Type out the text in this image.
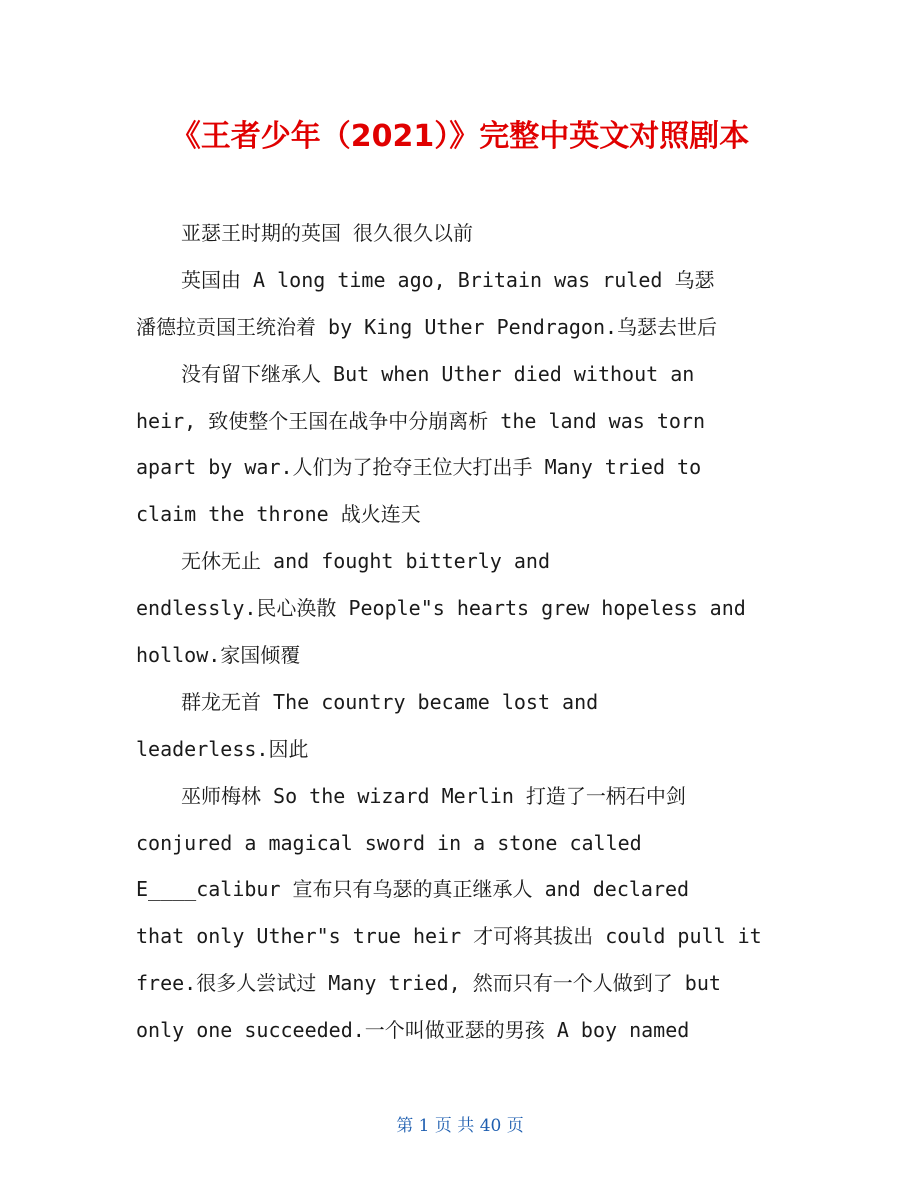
《王者少年（2021）》完整中英文对照剧本
亚瑟王时期的英国 很久很久以前
英国由 A long time ago, Britain was ruled 乌瑟
潘德拉贡国王统治着 by King Uther Pendragon.乌瑟去世后
没有留下继承人 But when Uther died without an
heir, 致使整个王国在战争中分崩离析 the land was torn
apart by war.人们为了抢夺王位大打出手 Many tried to
claim the throne 战火连天
无休无止 and fought bitterly and
endlessly.民心涣散 People"s hearts grew hopeless and
hollow.家国倾覆
群龙无首 The country became lost and
leaderless.因此
巫师梅林 So the wizard Merlin 打造了一柄石中剑
conjured a magical sword in a stone called
E____calibur 宣布只有乌瑟的真正继承人 and declared
that only Uther"s true heir 才可将其拔出 could pull it
free.很多人尝试过 Many tried, 然而只有一个人做到了 but
only one succeeded.一个叫做亚瑟的男孩 A boy named
第 1 页 共 40 页
